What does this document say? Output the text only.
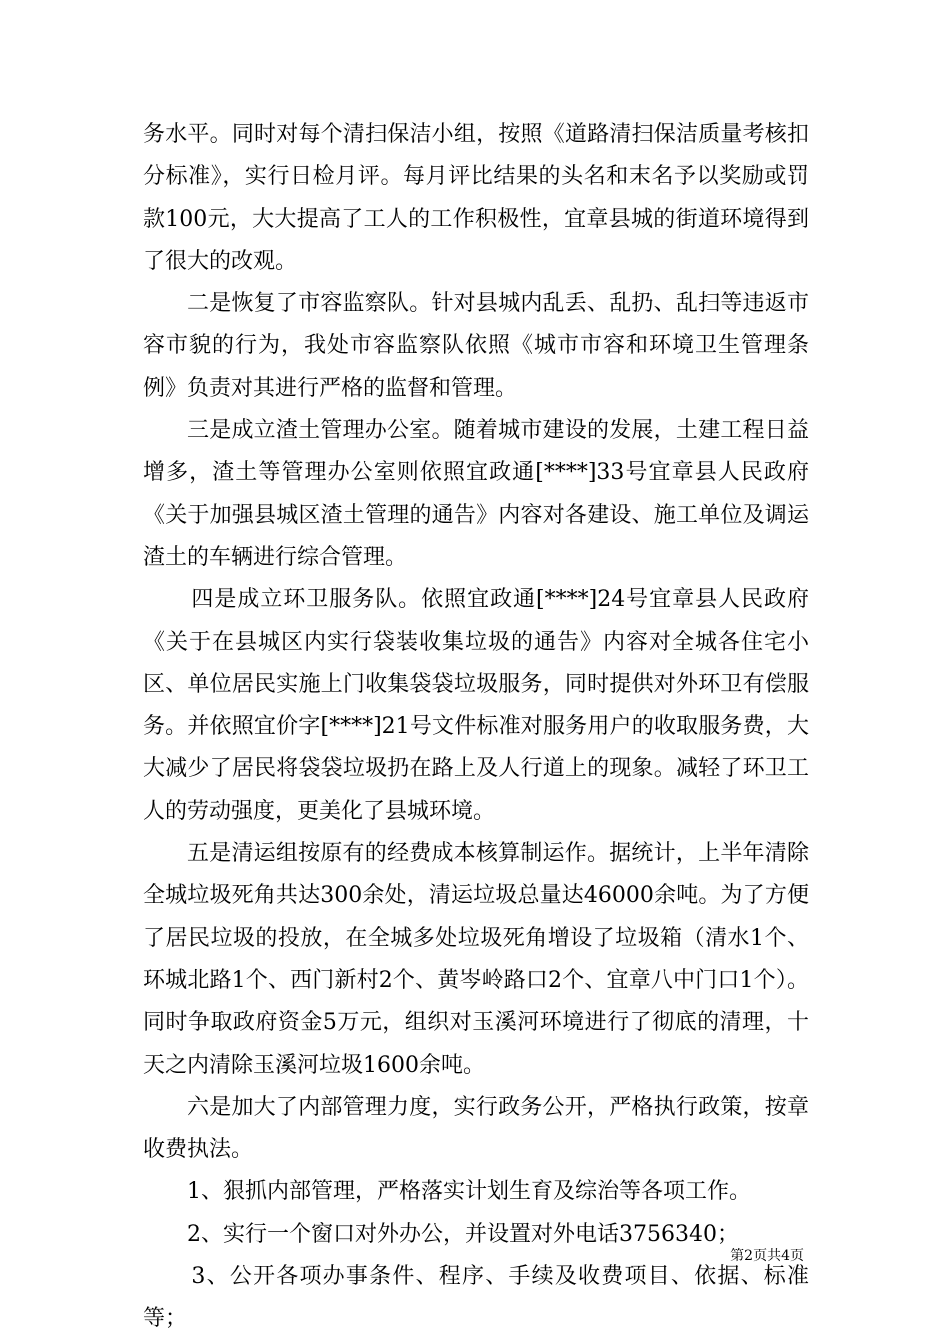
务水平。同时对每个清扫保洁小组，按照《道路清扫保洁质量考核扣分标准》，实行日检月评。每月评比结果的头名和末名予以奖励或罚款100元，大大提高了工人的工作积极性，宜章县城的街道环境得到了很大的改观。

二是恢复了市容监察队。针对县城内乱丢、乱扔、乱扫等违返市容市貌的行为，我处市容监察队依照《城市市容和环境卫生管理条例》负责对其进行严格的监督和管理。

三是成立渣土管理办公室。随着城市建设的发展，土建工程日益增多，渣土等管理办公室则依照宜政通[****]33号宜章县人民政府《关于加强县城区渣土管理的通告》内容对各建设、施工单位及调运渣土的车辆进行综合管理。

四是成立环卫服务队。依照宜政通[****]24号宜章县人民政府《关于在县城区内实行袋装收集垃圾的通告》内容对全城各住宅小区、单位居民实施上门收集袋袋垃圾服务，同时提供对外环卫有偿服务。并依照宜价字[****]21号文件标准对服务用户的收取服务费，大大减少了居民将袋袋垃圾扔在路上及人行道上的现象。减轻了环卫工人的劳动强度，更美化了县城环境。

五是清运组按原有的经费成本核算制运作。据统计，上半年清除全城垃圾死角共达300余处，清运垃圾总量达46000余吨。为了方便了居民垃圾的投放，在全城多处垃圾死角增设了垃圾箱（清水1个、环城北路1个、西门新村2个、黄岑岭路口2个、宜章八中门口1个）。同时争取政府资金5万元，组织对玉溪河环境进行了彻底的清理，十天之内清除玉溪河垃圾1600余吨。

六是加大了内部管理力度，实行政务公开，严格执行政策，按章收费执法。

1、狠抓内部管理，严格落实计划生育及综治等各项工作。

2、实行一个窗口对外办公，并设置对外电话3756340；

3、公开各项办事条件、程序、手续及收费项目、依据、标准等；

第2页共4页
